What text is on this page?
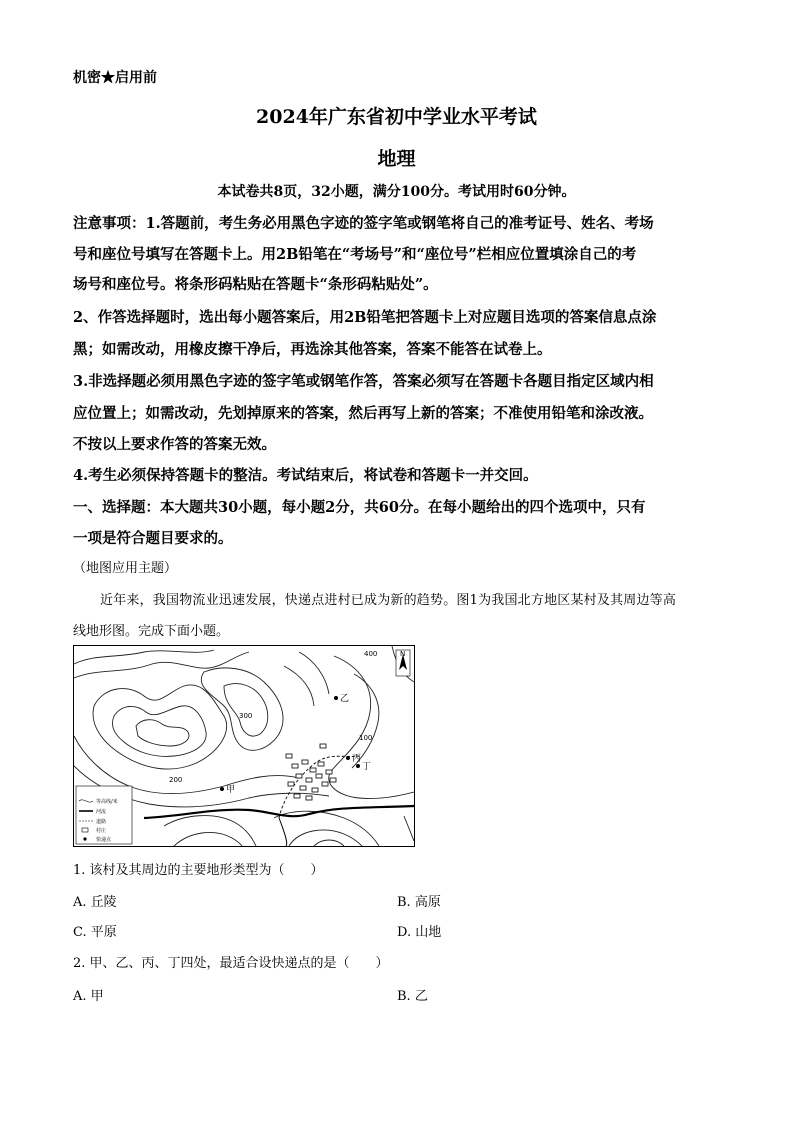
机密★启用前
2024年广东省初中学业水平考试
地理
本试卷共8页，32小题，满分100分。考试用时60分钟。
注意事项：1.答题前，考生务必用黑色字迹的签字笔或钢笔将自己的准考证号、姓名、考场
号和座位号填写在答题卡上。用2B铅笔在“考场号”和“座位号”栏相应位置填涂自己的考
场号和座位号。将条形码粘贴在答题卡“条形码粘贴处”。
2、作答选择题时，选出每小题答案后，用2B铅笔把答题卡上对应题目选项的答案信息点涂
黑；如需改动，用橡皮擦干净后，再选涂其他答案，答案不能答在试卷上。
3.非选择题必须用黑色字迹的签字笔或钢笔作答，答案必须写在答题卡各题目指定区域内相
应位置上；如需改动，先划掉原来的答案，然后再写上新的答案；不准使用铅笔和涂改液。
不按以上要求作答的答案无效。
4.考生必须保持答题卡的整洁。考试结束后，将试卷和答题卡一并交回。
一、选择题：本大题共30小题，每小题2分，共60分。在每小题给出的四个选项中，只有
一项是符合题目要求的。
（地图应用主题）
近年来，我国物流业迅速发展，快递点进村已成为新的趋势。图1为我国北方地区某村及其周边等高
线地形图。完成下面小题。
甲
乙
丙
丁
400
300
200
100
N
等高线/米
河流
道路
村庄
快递点
1. 该村及其周边的主要地形类型为（　　）
A. 丘陵	B. 高原
C. 平原	D. 山地
2. 甲、乙、丙、丁四处，最适合设快递点的是（　　）
A. 甲	B. 乙
